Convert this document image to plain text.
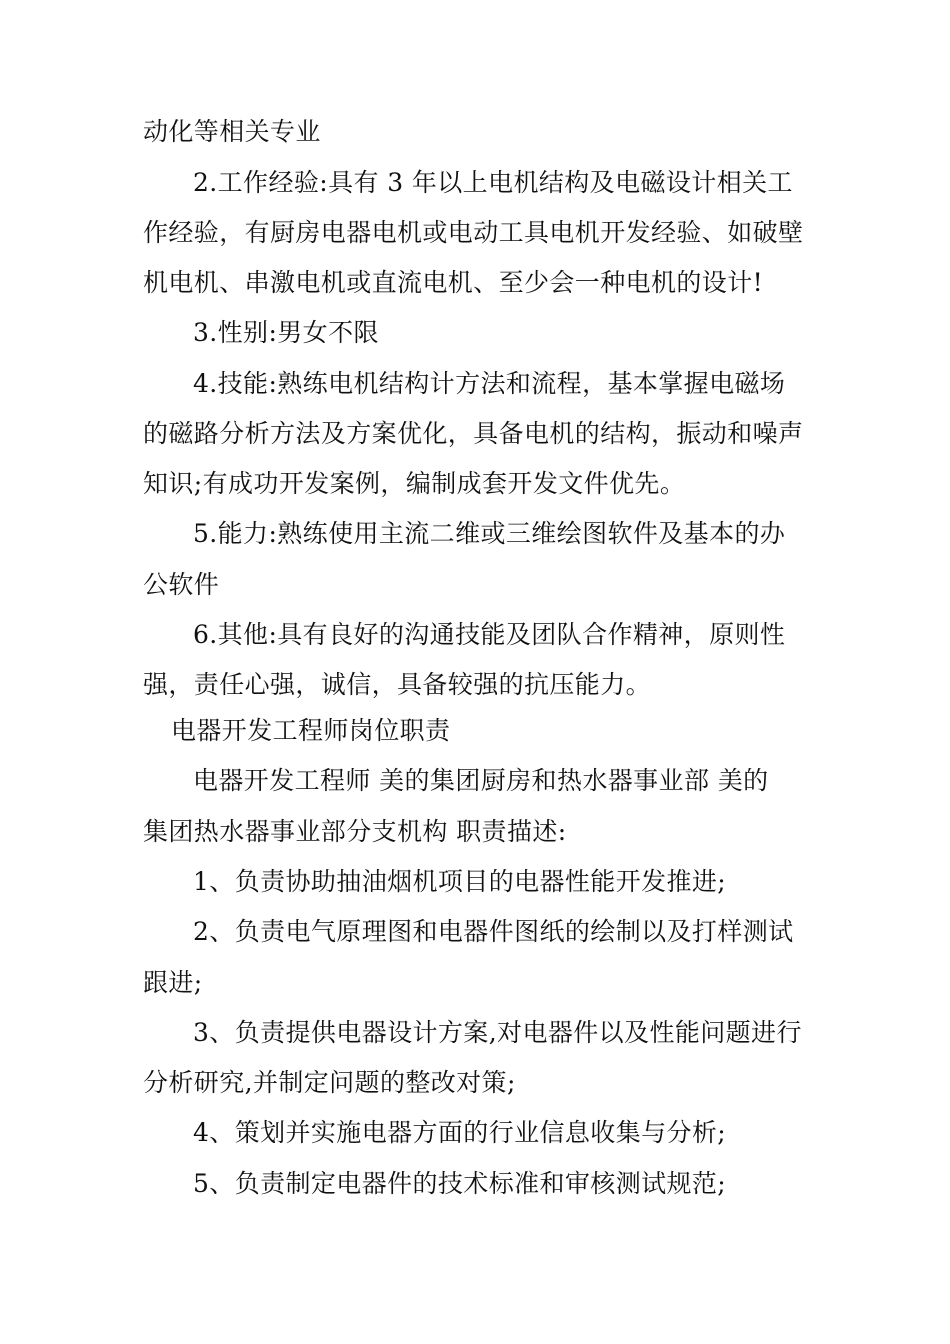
动化等相关专业
2.工作经验:具有 3 年以上电机结构及电磁设计相关工
作经验，有厨房电器电机或电动工具电机开发经验、如破壁
机电机、串激电机或直流电机、至少会一种电机的设计!
3.性别:男女不限
4.技能:熟练电机结构计方法和流程，基本掌握电磁场
的磁路分析方法及方案优化，具备电机的结构，振动和噪声
知识;有成功开发案例，编制成套开发文件优先。
5.能力:熟练使用主流二维或三维绘图软件及基本的办
公软件
6.其他:具有良好的沟通技能及团队合作精神，原则性
强，责任心强，诚信，具备较强的抗压能力。
电器开发工程师岗位职责
电器开发工程师 美的集团厨房和热水器事业部 美的
集团热水器事业部分支机构 职责描述:
1、负责协助抽油烟机项目的电器性能开发推进;
2、负责电气原理图和电器件图纸的绘制以及打样测试
跟进;
3、负责提供电器设计方案,对电器件以及性能问题进行
分析研究,并制定问题的整改对策;
4、策划并实施电器方面的行业信息收集与分析;
5、负责制定电器件的技术标准和审核测试规范;
